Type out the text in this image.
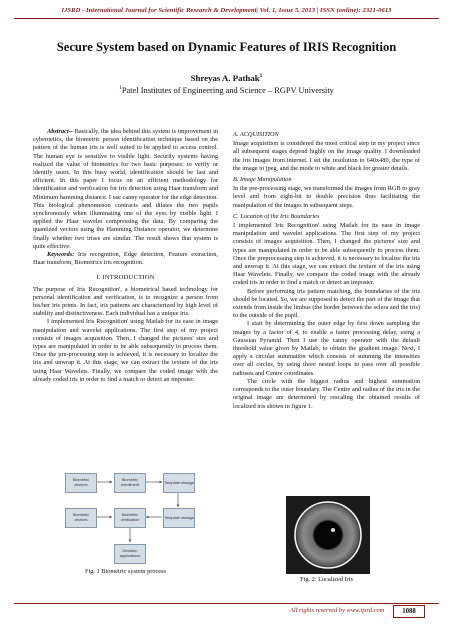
IJSRD - International Journal for Scientific Research & Development| Vol. 1, Issue 5, 2013 | ISSN (online): 2321-0613
Secure System based on Dynamic Features of IRIS Recognition
Shreyas A. Pathak$^1$
$^1$Patel Institutes of Engineering and Science – RGPV University

Abstract-- Basically, the idea behind this system is improvement in cybernetics, the biometric person identification technique based on the pattern of the human iris is well suited to be applied to access control. The human eye is sensitive to visible light. Security systems having realized the value of biometrics for two basic purposes: to verify or identify users. In this busy world, identification should be fast and efficient. In this paper I focus on an efficient methodology for identification and verification for iris detection using Haar transform and Minimum hamming distance. I use canny operator for the edge detection. This biological phenomenon contracts and dilates the two pupils synchronously when illuminating one of the eyes by visible light. I applied the Haar wavelet compressing the data. By comparing the quantized vectors using the Hamming Distance operator, we determine finally whether two irises are similar. The result shows that system is quite effective.

Keywords: Iris recognition, Edge detection, Feature extraction, Haar transform, Biometrics iris recognition.

I. INTRODUCTION

The purpose of Iris Recognition', a biometrical based technology for personal identification and verification, is to recognize a person from his/her iris prints. In fact, iris patterns are characterized by high level of stability and distinctiveness. Each individual has a unique iris.

I implemented Iris Recognition' using Matlab for its ease in image manipulation and wavelet applications. The first step of my project consists of images acquisition. Then, I changed the pictures' size and types are manipulated in order to be able subsequently to process them. Once the pre-processing step is achieved, it is necessary to localize the iris and unwrap it. At this stage, we can extract the texture of the iris using Haar Wavelets. Finally, we compare the coded image with the already coded iris in order to find a match or detect an imposter.

Biometric devices
Biometric enrollment	Template storage
Biometric devices
Biometric verification	Template storage
Decision applications
Fig. 1 Biometric system process

A. ACQUISITION

Image acquisition is considered the most critical step in my project since all subsequent stages depend highly on the image quality. I downloaded the iris images from internet. I set the resolution to 640x480, the type of the image to jpeg, and the mode to white and black for greater details.

B. Image Manipulation

In the pre-processing stage, we transformed the images from RGB to gray level and from eight-bit to double precision thus facilitating the manipulation of the images in subsequent steps.

C. Location of the Iris Boundaries

I implemented Iris Recognition' using Matlab for its ease in image manipulation and wavelet applications. The first step of my project consists of images acquisition. Then, I changed the pictures' size and types are manipulated in order to be able subsequently to process them. Once the preprocessing step is achieved, it is necessary to localize the iris and unwrap it. At this stage, we can extract the texture of the iris using Haar Wavelets. Finally, we compare the coded image with the already coded iris in order to find a match or detect an imposter.

Before performing iris pattern matching, the boundaries of the iris should be located. So, we are supposed to detect the part of the image that extends from inside the limbus (the border between the sclera and the iris) to the outside of the pupil.

I start by determining the outer edge by first down sampling the images by a factor of 4, to enable a faster processing delay, using a Gaussian Pyramid. Then I use the canny operator with the default threshold value given by Matlab, to obtain the gradient image. Next, I apply a circular summation which consists of summing the intensities over all circles, by using three nested loops to pass over all possible radiuses and Centre coordinates.

The circle with the biggest radius and highest summation corresponds to the outer boundary. The Centre and radius of the iris in the original image are determined by rescaling the obtained results of localized iris shown in figure 1.

Fig. 2: Localized Iris
All rights reserved by www.ijsrd.com	1088
